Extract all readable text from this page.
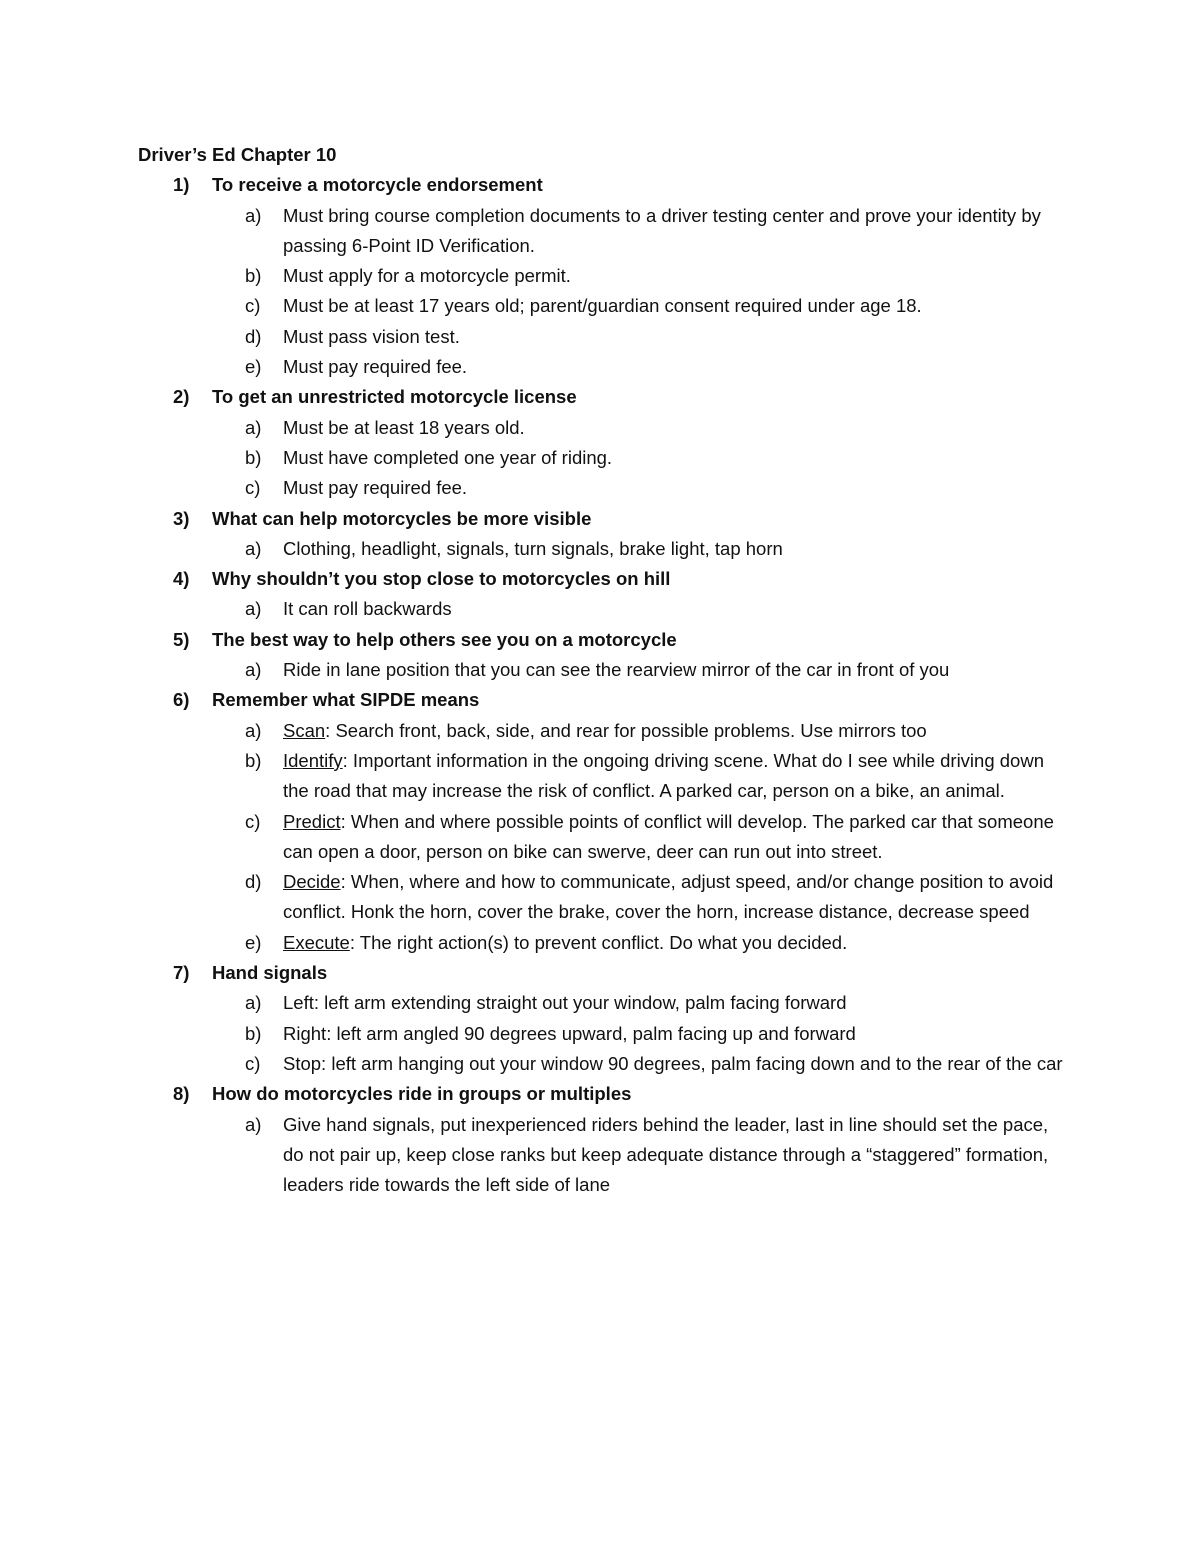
Driver’s Ed Chapter 10
1) To receive a motorcycle endorsement
a) Must bring course completion documents to a driver testing center and prove your identity by passing 6-Point ID Verification.
b) Must apply for a motorcycle permit.
c) Must be at least 17 years old; parent/guardian consent required under age 18.
d) Must pass vision test.
e) Must pay required fee.
2) To get an unrestricted motorcycle license
a) Must be at least 18 years old.
b) Must have completed one year of riding.
c) Must pay required fee.
3) What can help motorcycles be more visible
a) Clothing, headlight, signals, turn signals, brake light, tap horn
4) Why shouldn’t you stop close to motorcycles on hill
a) It can roll backwards
5) The best way to help others see you on a motorcycle
a) Ride in lane position that you can see the rearview mirror of the car in front of you
6) Remember what SIPDE means
a) Scan: Search front, back, side, and rear for possible problems. Use mirrors too
b) Identify: Important information in the ongoing driving scene. What do I see while driving down the road that may increase the risk of conflict. A parked car, person on a bike, an animal.
c) Predict: When and where possible points of conflict will develop. The parked car that someone can open a door, person on bike can swerve, deer can run out into street.
d) Decide: When, where and how to communicate, adjust speed, and/or change position to avoid conflict. Honk the horn, cover the brake, cover the horn, increase distance, decrease speed
e) Execute: The right action(s) to prevent conflict. Do what you decided.
7) Hand signals
a) Left: left arm extending straight out your window, palm facing forward
b) Right: left arm angled 90 degrees upward, palm facing up and forward
c) Stop: left arm hanging out your window 90 degrees, palm facing down and to the rear of the car
8) How do motorcycles ride in groups or multiples
a) Give hand signals, put inexperienced riders behind the leader, last in line should set the pace, do not pair up, keep close ranks but keep adequate distance through a “staggered” formation, leaders ride towards the left side of lane
